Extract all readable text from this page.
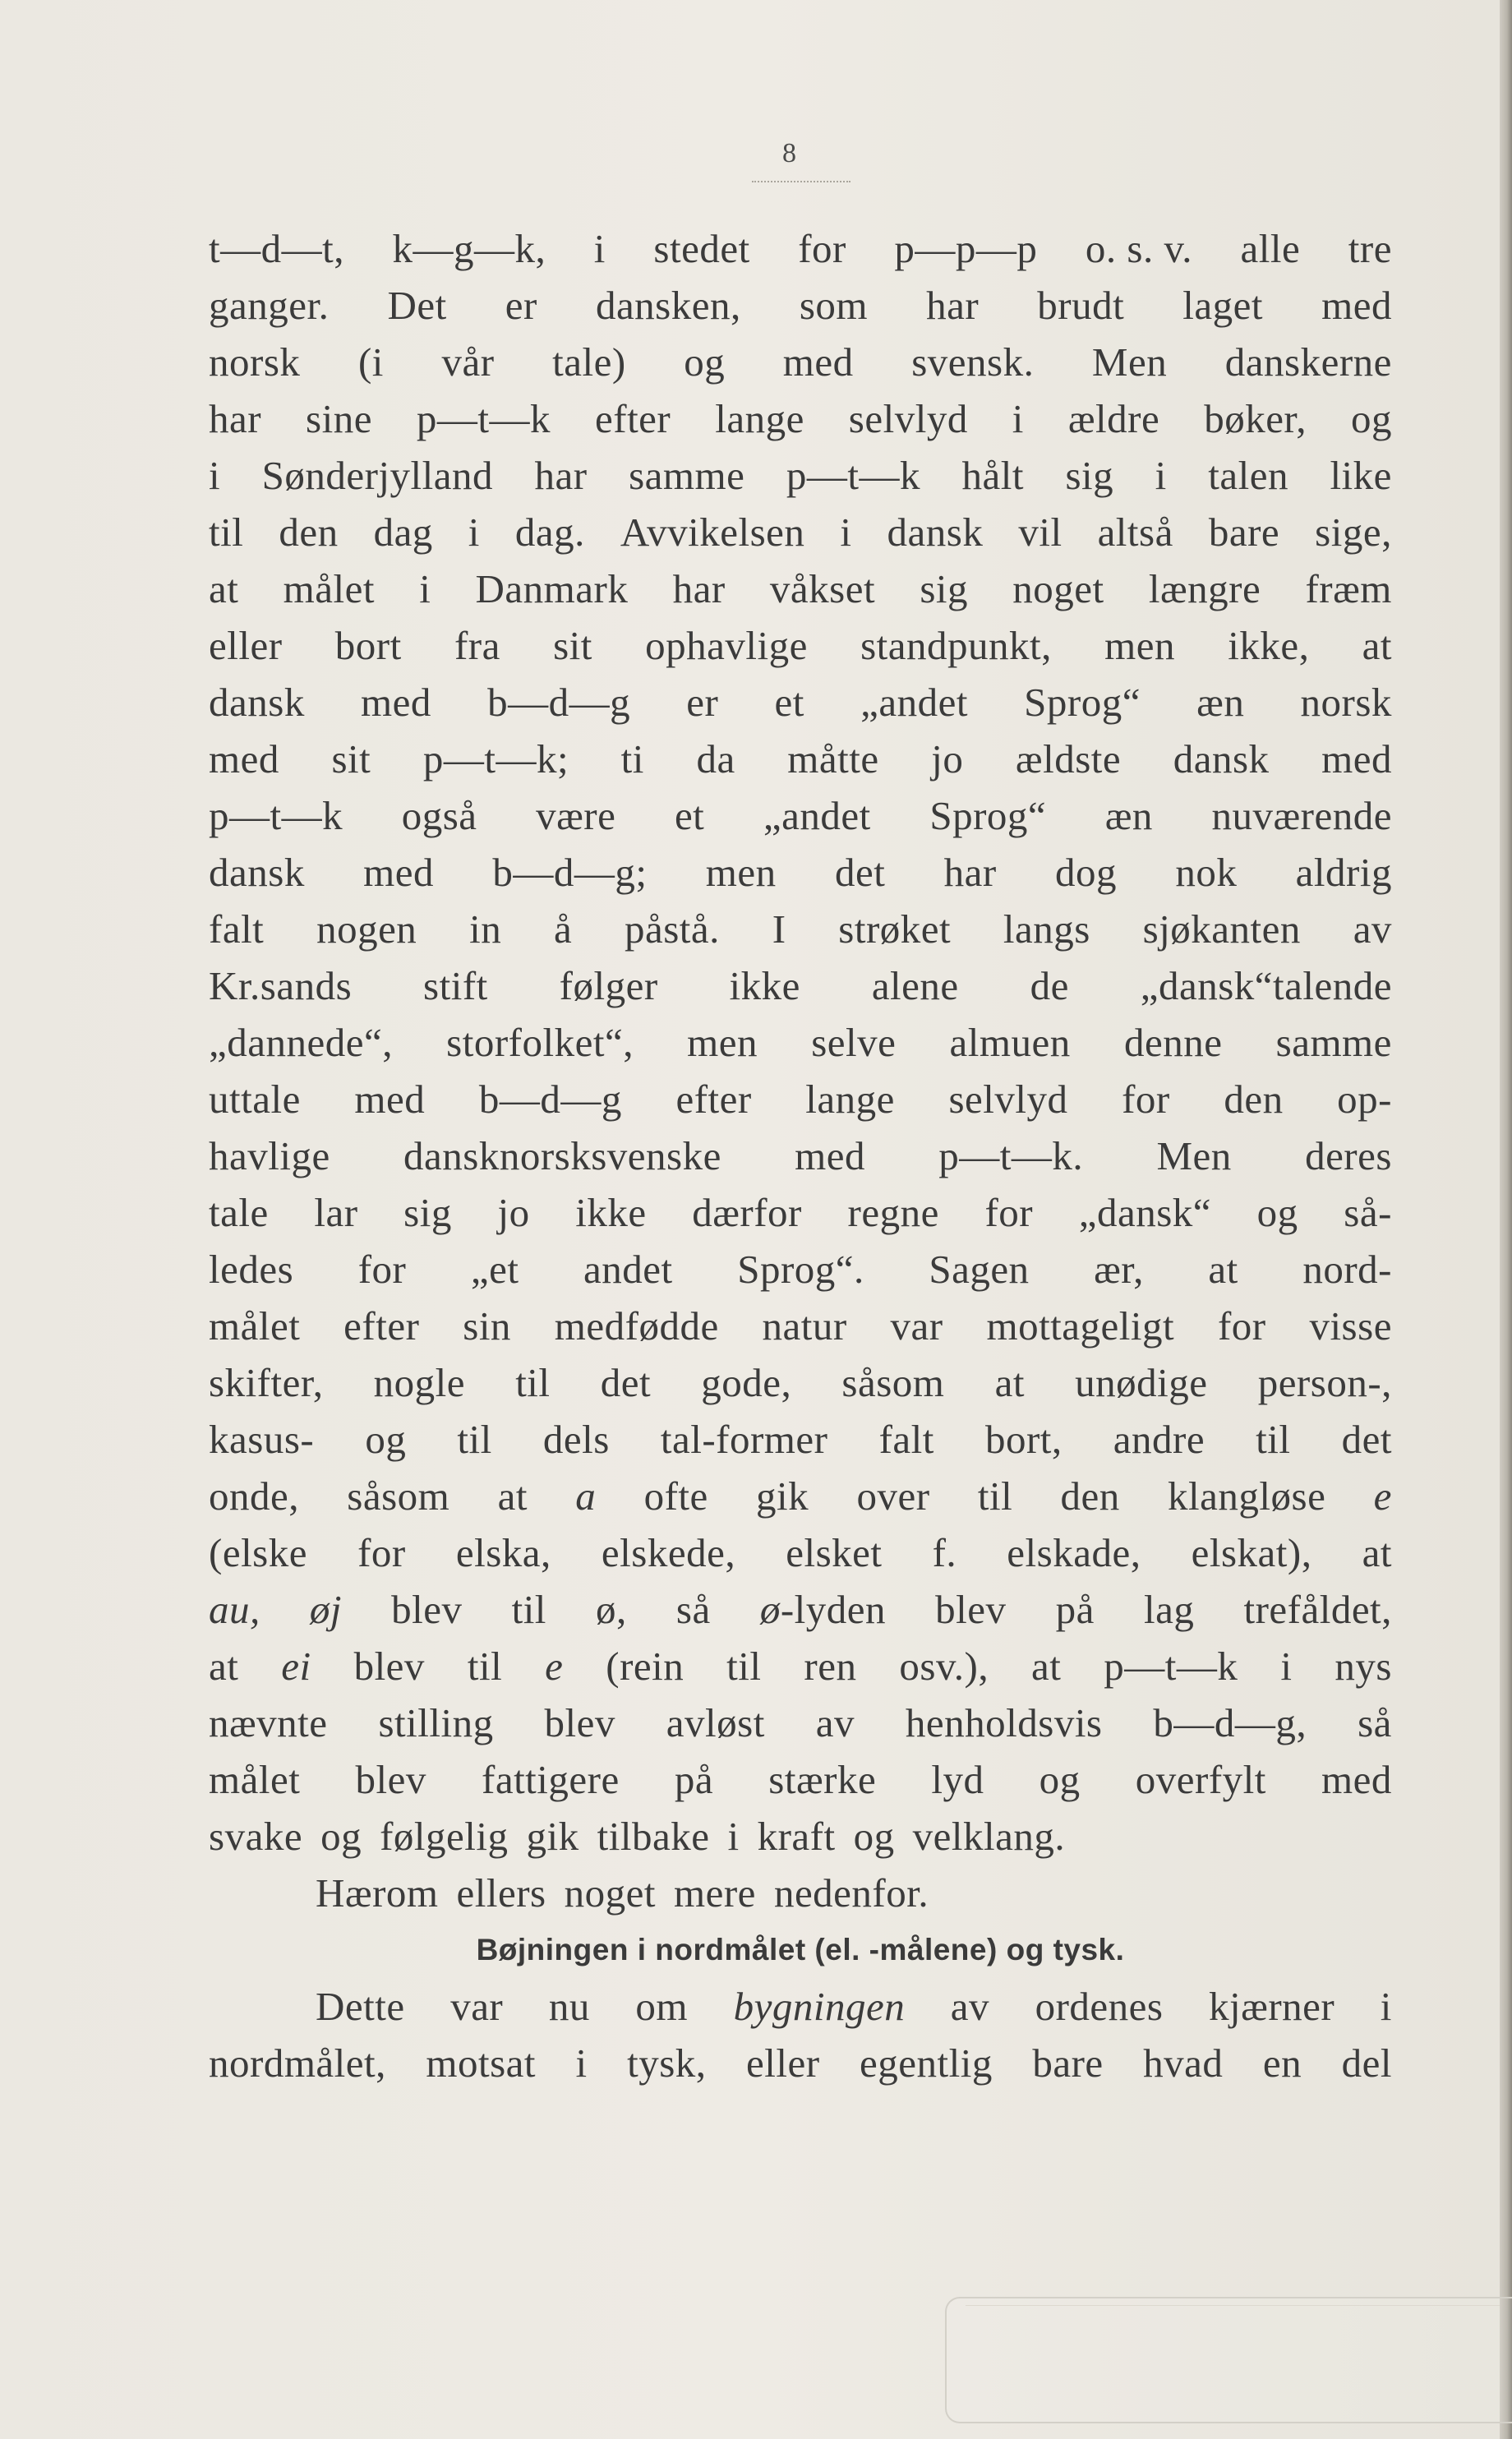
8
t—d—t, k—g—k, i stedet for p—p—p o. s. v. alle tre
ganger. Det er dansken, som har brudt laget med
norsk (i vår tale) og med svensk. Men danskerne
har sine p—t—k efter lange selvlyd i ældre bøker, og
i Sønderjylland har samme p—t—k hålt sig i talen like
til den dag i dag. Avvikelsen i dansk vil altså bare sige,
at målet i Danmark har våkset sig noget længre fræm
eller bort fra sit ophavlige standpunkt, men ikke, at
dansk med b—d—g er et „andet Sprog“ æn norsk
med sit p—t—k; ti da måtte jo ældste dansk med
p—t—k også være et „andet Sprog“ æn nuværende
dansk med b—d—g; men det har dog nok aldrig
falt nogen in å påstå. I strøket langs sjøkanten av
Kr.sands stift følger ikke alene de „dansk“talende
„dannede“, storfolket“, men selve almuen denne samme
uttale med b—d—g efter lange selvlyd for den op-
havlige dansknorsksvenske med p—t—k. Men deres
tale lar sig jo ikke dærfor regne for „dansk“ og så-
ledes for „et andet Sprog“. Sagen ær, at nord-
målet efter sin medfødde natur var mottageligt for visse
skifter, nogle til det gode, såsom at unødige person-,
kasus- og til dels tal-former falt bort, andre til det
onde, såsom at a ofte gik over til den klangløse e
(elske for elska, elskede, elsket f. elskade, elskat), at
au, øj blev til ø, så ø-lyden blev på lag trefåldet,
at ei blev til e (rein til ren osv.), at p—t—k i nys
nævnte stilling blev avløst av henholdsvis b—d—g, så
målet blev fattigere på stærke lyd og overfylt med
svake og følgelig gik tilbake i kraft og velklang.
Hærom ellers noget mere nedenfor.
Bøjningen i nordmålet (el. -målene) og tysk.
Dette var nu om bygningen av ordenes kjærner i
nordmålet, motsat i tysk, eller egentlig bare hvad en del
